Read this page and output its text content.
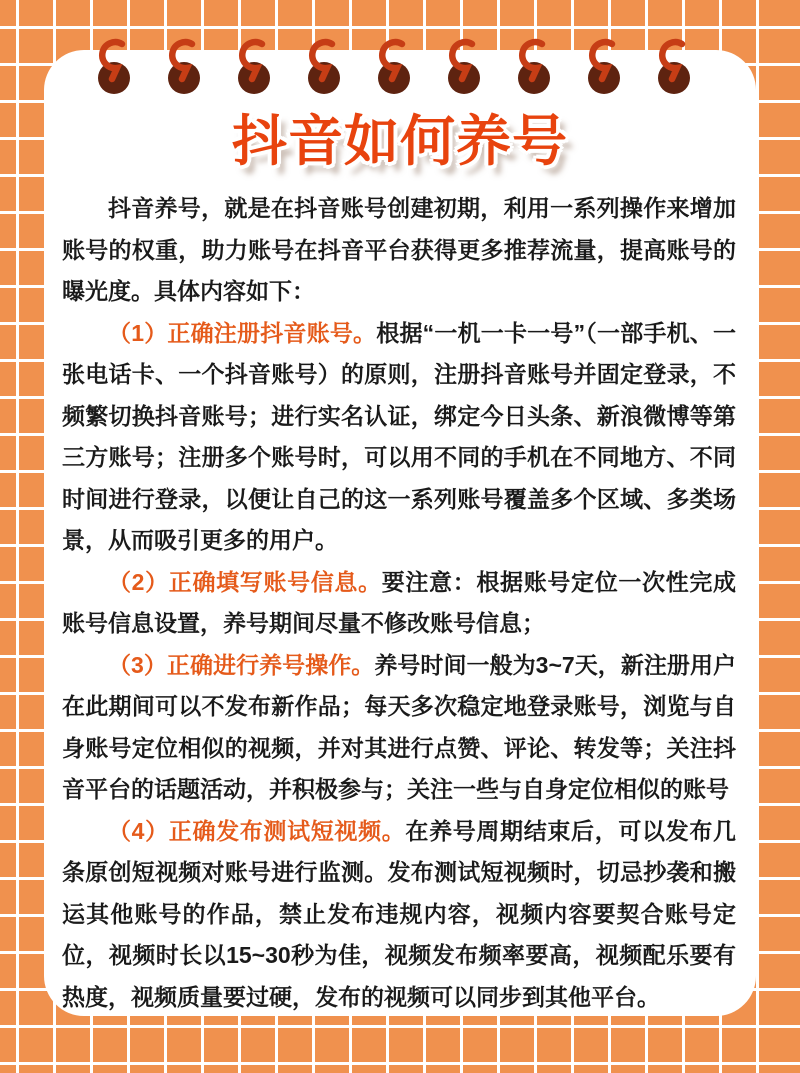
抖音如何养号

抖音养号，就是在抖音账号创建初期，利用一系列操作来增加账号的权重，助力账号在抖音平台获得更多推荐流量，提高账号的曝光度。具体内容如下：

（1）正确注册抖音账号。根据“一机一卡一号”（一部手机、一张电话卡、一个抖音账号）的原则，注册抖音账号并固定登录，不频繁切换抖音账号；进行实名认证，绑定今日头条、新浪微博等第三方账号；注册多个账号时，可以用不同的手机在不同地方、不同时间进行登录，以便让自己的这一系列账号覆盖多个区域、多类场景，从而吸引更多的用户。

（2）正确填写账号信息。要注意：根据账号定位一次性完成账号信息设置，养号期间尽量不修改账号信息；

（3）正确进行养号操作。养号时间一般为3~7天，新注册用户在此期间可以不发布新作品；每天多次稳定地登录账号，浏览与自身账号定位相似的视频，并对其进行点赞、评论、转发等；关注抖音平台的话题活动，并积极参与；关注一些与自身定位相似的账号

（4）正确发布测试短视频。在养号周期结束后，可以发布几条原创短视频对账号进行监测。发布测试短视频时，切忌抄袭和搬运其他账号的作品，禁止发布违规内容，视频内容要契合账号定位，视频时长以15~30秒为佳，视频发布频率要高，视频配乐要有热度，视频质量要过硬，发布的视频可以同步到其他平台。
